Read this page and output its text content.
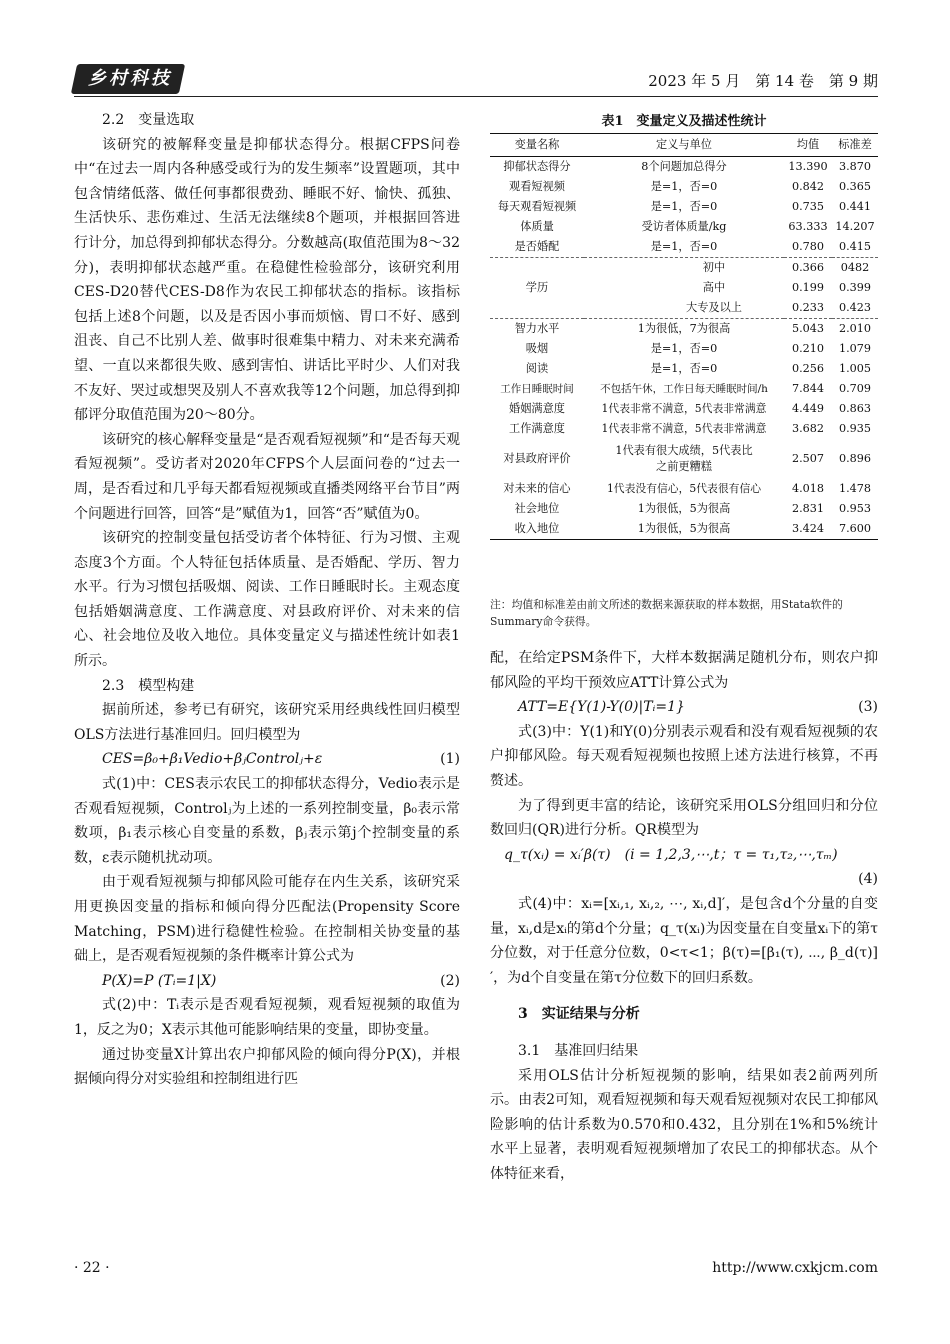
乡村科技	2023 年 5 月　第 14 卷　第 9 期
2.2　变量选取

该研究的被解释变量是抑郁状态得分。根据CFPS问卷中“在过去一周内各种感受或行为的发生频率”设置题项，其中包含情绪低落、做任何事都很费劲、睡眠不好、愉快、孤独、生活快乐、悲伤难过、生活无法继续8个题项，并根据回答进行计分，加总得到抑郁状态得分。分数越高(取值范围为8～32分)，表明抑郁状态越严重。在稳健性检验部分，该研究利用CES-D20替代CES-D8作为农民工抑郁状态的指标。该指标包括上述8个问题，以及是否因小事而烦恼、胃口不好、感到沮丧、自己不比别人差、做事时很难集中精力、对未来充满希望、一直以来都很失败、感到害怕、讲话比平时少、人们对我不友好、哭过或想哭及别人不喜欢我等12个问题，加总得到抑郁评分取值范围为20～80分。

该研究的核心解释变量是“是否观看短视频”和“是否每天观看短视频”。受访者对2020年CFPS个人层面问卷的“过去一周，是否看过和几乎每天都看短视频或直播类网络平台节目”两个问题进行回答，回答“是”赋值为1，回答“否”赋值为0。

该研究的控制变量包括受访者个体特征、行为习惯、主观态度3个方面。个人特征包括体质量、是否婚配、学历、智力水平。行为习惯包括吸烟、阅读、工作日睡眠时长。主观态度包括婚姻满意度、工作满意度、对县政府评价、对未来的信心、社会地位及收入地位。具体变量定义与描述性统计如表1所示。

2.3　模型构建

据前所述，参考已有研究，该研究采用经典线性回归模型OLS方法进行基准回归。回归模型为

CES=β₀+β₁Vedio+βⱼControlⱼ+ε	(1)

式(1)中：CES表示农民工的抑郁状态得分，Vedio表示是否观看短视频，Controlⱼ为上述的一系列控制变量，β₀表示常数项，β₁表示核心自变量的系数，βⱼ表示第j个控制变量的系数，ε表示随机扰动项。

由于观看短视频与抑郁风险可能存在内生关系，该研究采用更换因变量的指标和倾向得分匹配法(Propensity Score Matching，PSM)进行稳健性检验。在控制相关协变量的基础上，是否观看短视频的条件概率计算公式为

P(X)=P (Tᵢ=1|X)	(2)

式(2)中：Tᵢ表示是否观看短视频，观看短视频的取值为1，反之为0；X表示其他可能影响结果的变量，即协变量。

通过协变量X计算出农户抑郁风险的倾向得分P(X)，并根据倾向得分对实验组和控制组进行匹

表1　变量定义及描述性统计
变量名称	定义与单位	均值	标准差
抑郁状态得分	8个问题加总得分	13.390	3.870
观看短视频	是=1，否=0	0.842	0.365
每天观看短视频	是=1，否=0	0.735	0.441
体质量	受访者体质量/kg	63.333	14.207
是否婚配	是=1，否=0	0.780	0.415
学历	初中	0.366	0482
	高中	0.199	0.399
	大专及以上	0.233	0.423
智力水平	1为很低，7为很高	5.043	2.010
吸烟	是=1，否=0	0.210	1.079
阅读	是=1，否=0	0.256	1.005
工作日睡眠时间	不包括午休，工作日每天睡眠时间/h	7.844	0.709
婚姻满意度	1代表非常不满意，5代表非常满意	4.449	0.863
工作满意度	1代表非常不满意，5代表非常满意	3.682	0.935
对县政府评价	1代表有很大成绩，5代表比之前更糟糕	2.507	0.896
对未来的信心	1代表没有信心，5代表很有信心	4.018	1.478
社会地位	1为很低，5为很高	2.831	0.953
收入地位	1为很低，5为很高	3.424	7.600
注：均值和标准差由前文所述的数据来源获取的样本数据，用Stata软件的Summary命令获得。

配，在给定PSM条件下，大样本数据满足随机分布，则农户抑郁风险的平均干预效应ATT计算公式为

ATT=E{Y(1)-Y(0)|Tᵢ=1}	(3)

式(3)中：Y(1)和Y(0)分别表示观看和没有观看短视频的农户抑郁风险。每天观看短视频也按照上述方法进行核算，不再赘述。

为了得到更丰富的结论，该研究采用OLS分组回归和分位数回归(QR)进行分析。QR模型为

q_τ(xᵢ) = xᵢ′β(τ)　(i = 1,2,3,⋯,t；τ = τ₁,τ₂,⋯,τₘ)
(4)

式(4)中：xᵢ=[xᵢ,₁, xᵢ,₂, ⋯, xᵢ,d]′，是包含d个分量的自变量，xᵢ,d是xᵢ的第d个分量；q_τ(xᵢ)为因变量在自变量xᵢ下的第τ分位数，对于任意分位数，0<τ<1；β(τ)=[β₁(τ), ⋯, β_d(τ)]′，为d个自变量在第τ分位数下的回归系数。

3　实证结果与分析
3.1　基准回归结果

采用OLS估计分析短视频的影响，结果如表2前两列所示。由表2可知，观看短视频和每天观看短视频对农民工抑郁风险影响的估计系数为0.570和0.432，且分别在1%和5%统计水平上显著，表明观看短视频增加了农民工的抑郁状态。从个体特征来看，

· 22 ·	http://www.cxkjcm.com
